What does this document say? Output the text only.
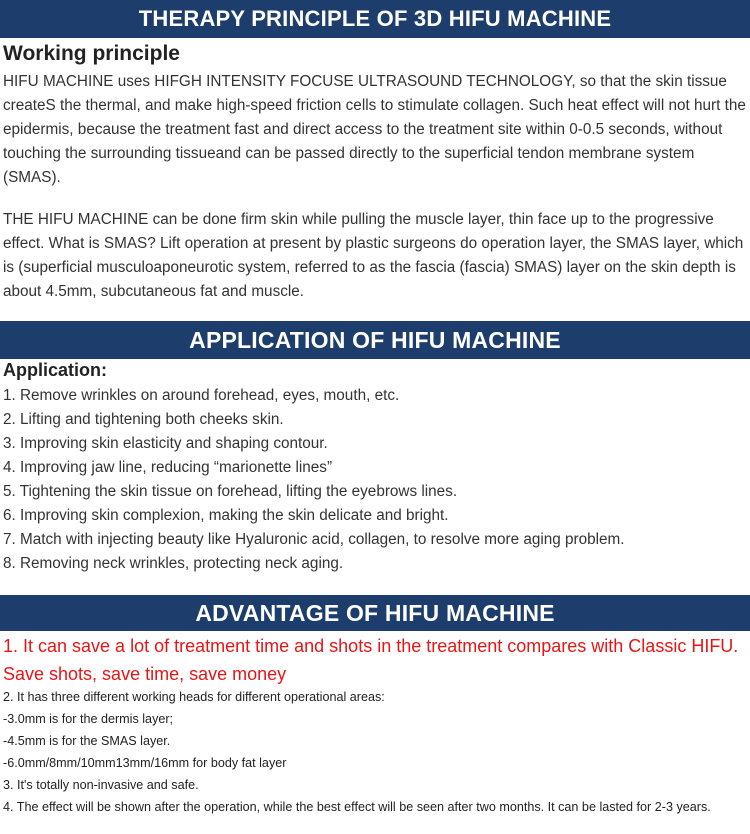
THERAPY PRINCIPLE OF 3D HIFU MACHINE
Working principle
HIFU MACHINE uses HIFGH INTENSITY FOCUSE ULTRASOUND TECHNOLOGY, so that the skin tissue createS the thermal, and make high-speed friction cells to stimulate collagen. Such heat effect will not hurt the epidermis, because the treatment fast and direct access to the treatment site within 0-0.5 seconds, without touching the surrounding tissueand can be passed directly to the superficial tendon membrane system (SMAS).
THE HIFU MACHINE can be done firm skin while pulling the muscle layer, thin face up to the progressive effect. What is SMAS? Lift operation at present by plastic surgeons do operation layer, the SMAS layer, which is (superficial musculoaponeurotic system, referred to as the fascia (fascia) SMAS) layer on the skin depth is about 4.5mm, subcutaneous fat and muscle.
APPLICATION OF HIFU MACHINE
Application:
1. Remove wrinkles on around forehead, eyes, mouth, etc.
2. Lifting and tightening both cheeks skin.
3. Improving skin elasticity and shaping contour.
4. Improving jaw line, reducing “marionette lines”
5. Tightening the skin tissue on forehead, lifting the eyebrows lines.
6. Improving skin complexion, making the skin delicate and bright.
7. Match with injecting beauty like Hyaluronic acid, collagen, to resolve more aging problem.
8. Removing neck wrinkles, protecting neck aging.
ADVANTAGE OF HIFU MACHINE
1. It can save a lot of treatment time and shots in the treatment compares with Classic HIFU. Save shots, save time, save money
2. It has three different working heads for different operational areas:
-3.0mm is for the dermis layer;
-4.5mm is for the SMAS layer.
-6.0mm/8mm/10mm13mm/16mm for body fat layer
3. It's totally non-invasive and safe.
4. The effect will be shown after the operation, while the best effect will be seen after two months. It can be lasted for 2-3 years.
